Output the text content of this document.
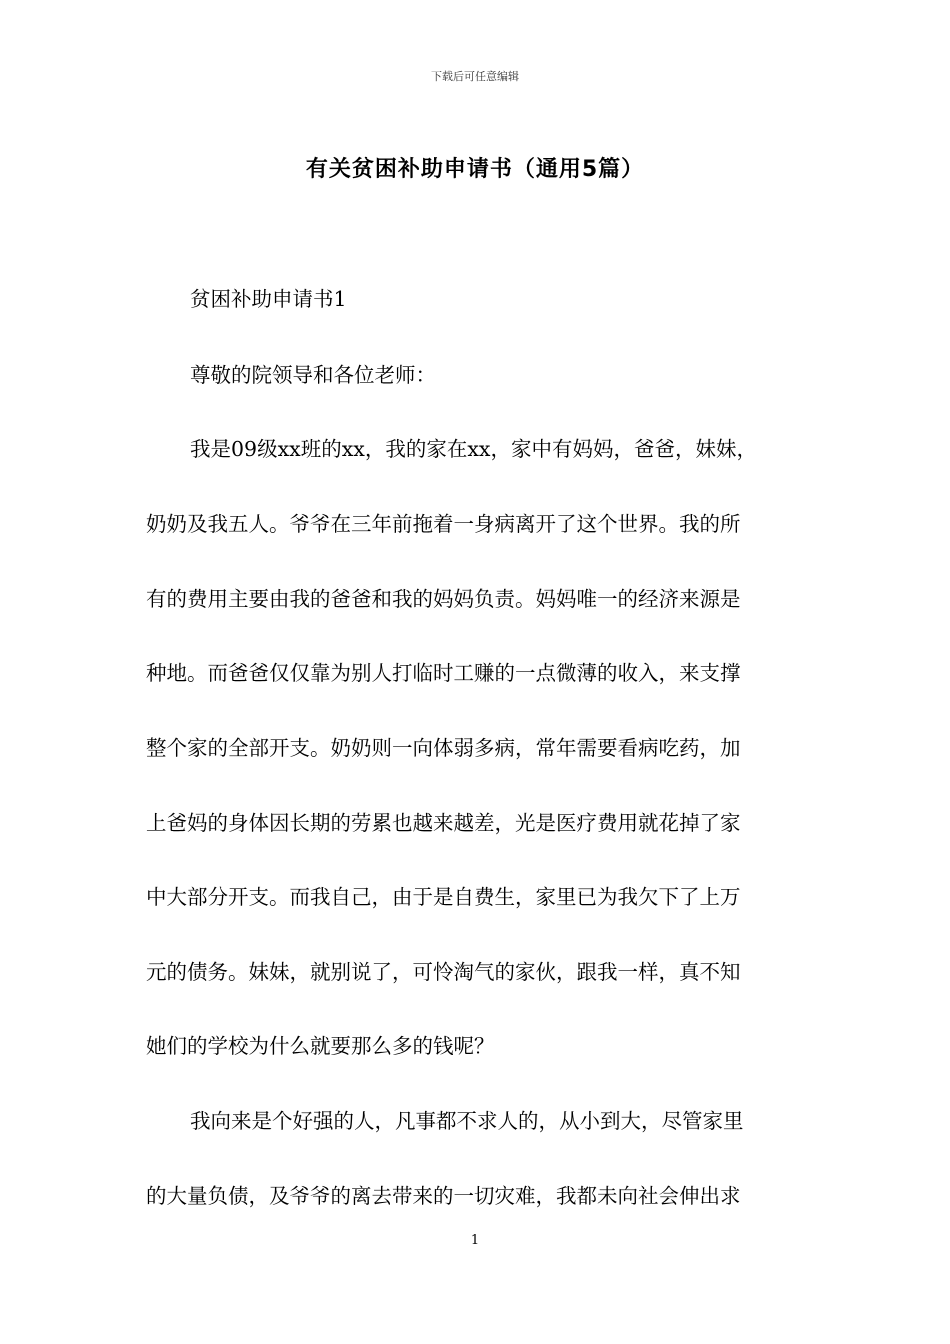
下载后可任意编辑
有关贫困补助申请书（通用5篇）
贫困补助申请书1
尊敬的院领导和各位老师：
我是09级xx班的xx，我的家在xx，家中有妈妈，爸爸，妹妹，
奶奶及我五人。爷爷在三年前拖着一身病离开了这个世界。我的所
有的费用主要由我的爸爸和我的妈妈负责。妈妈唯一的经济来源是
种地。而爸爸仅仅靠为别人打临时工赚的一点微薄的收入，来支撑
整个家的全部开支。奶奶则一向体弱多病，常年需要看病吃药，加
上爸妈的身体因长期的劳累也越来越差，光是医疗费用就花掉了家
中大部分开支。而我自己，由于是自费生，家里已为我欠下了上万
元的债务。妹妹，就别说了，可怜淘气的家伙，跟我一样，真不知
她们的学校为什么就要那么多的钱呢？
我向来是个好强的人，凡事都不求人的，从小到大，尽管家里
的大量负债，及爷爷的离去带来的一切灾难，我都未向社会伸出求
1
